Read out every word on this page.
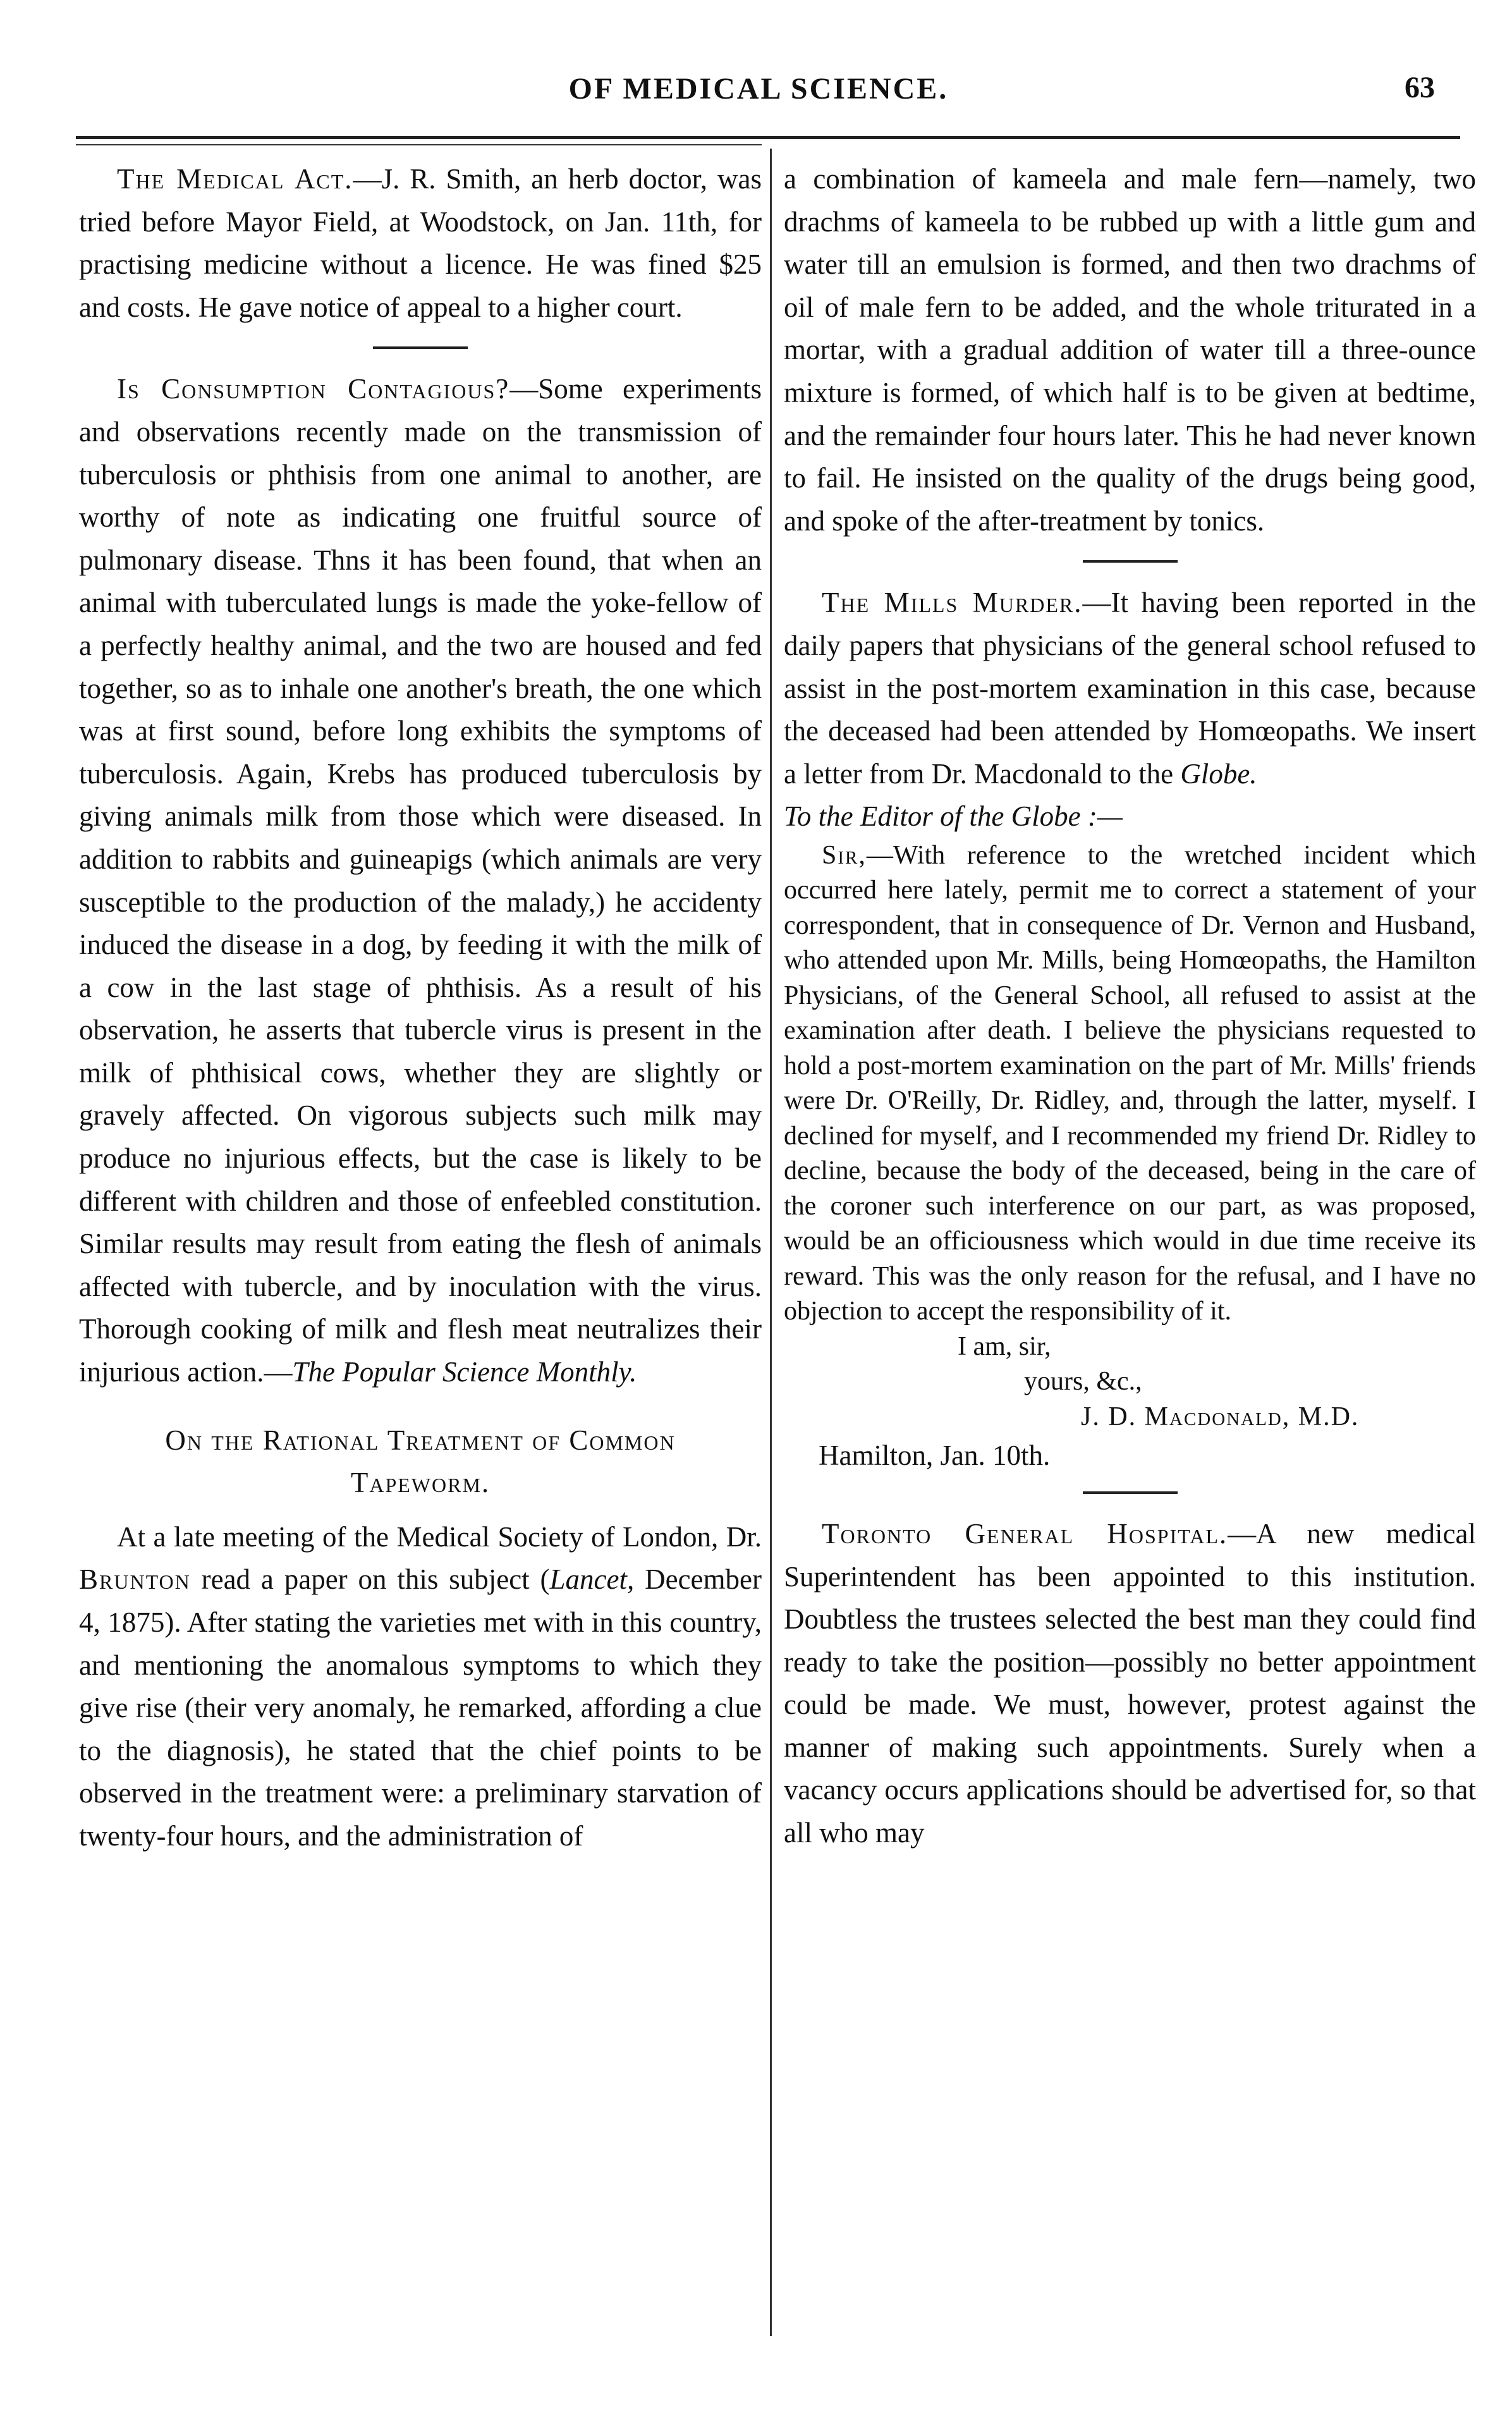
OF MEDICAL SCIENCE.	63

The Medical Act.—J. R. Smith, an herb doctor, was tried before Mayor Field, at Woodstock, on Jan. 11th, for practising medicine without a licence. He was fined $25 and costs. He gave notice of appeal to a higher court.

Is Consumption Contagious?—Some experiments and observations recently made on the transmission of tuberculosis or phthisis from one animal to another, are worthy of note as indicating one fruitful source of pulmonary disease. Thns it has been found, that when an animal with tuberculated lungs is made the yoke-fellow of a perfectly healthy animal, and the two are housed and fed together, so as to inhale one another's breath, the one which was at first sound, before long exhibits the symptoms of tuberculosis. Again, Krebs has produced tuberculosis by giving animals milk from those which were diseased. In addition to rabbits and guineapigs (which animals are very susceptible to the production of the malady,) he accidenty induced the disease in a dog, by feeding it with the milk of a cow in the last stage of phthisis. As a result of his observation, he asserts that tubercle virus is present in the milk of phthisical cows, whether they are slightly or gravely affected. On vigorous subjects such milk may produce no injurious effects, but the case is likely to be different with children and those of enfeebled constitution. Similar results may result from eating the flesh of animals affected with tubercle, and by inoculation with the virus. Thorough cooking of milk and flesh meat neutralizes their injurious action.—The Popular Science Monthly.

On the Rational Treatment of Common

Tapeworm.

At a late meeting of the Medical Society of London, Dr. Brunton read a paper on this subject (Lancet, December 4, 1875). After stating the varieties met with in this country, and mentioning the anomalous symptoms to which they give rise (their very anomaly, he remarked, affording a clue to the diagnosis), he stated that the chief points to be observed in the treatment were: a preliminary starvation of twenty-four hours, and the administration of

a combination of kameela and male fern—namely, two drachms of kameela to be rubbed up with a little gum and water till an emulsion is formed, and then two drachms of oil of male fern to be added, and the whole triturated in a mortar, with a gradual addition of water till a three-ounce mixture is formed, of which half is to be given at bedtime, and the remainder four hours later. This he had never known to fail. He insisted on the quality of the drugs being good, and spoke of the after-treatment by tonics.

The Mills Murder.—It having been reported in the daily papers that physicians of the general school refused to assist in the post-mortem examination in this case, because the deceased had been attended by Homœopaths. We insert a letter from Dr. Macdonald to the Globe.

To the Editor of the Globe :—

Sir,—With reference to the wretched incident which occurred here lately, permit me to correct a statement of your correspondent, that in consequence of Dr. Vernon and Husband, who attended upon Mr. Mills, being Homœopaths, the Hamilton Physicians, of the General School, all refused to assist at the examination after death. I believe the physicians requested to hold a post-mortem examination on the part of Mr. Mills' friends were Dr. O'Reilly, Dr. Ridley, and, through the latter, myself. I declined for myself, and I recommended my friend Dr. Ridley to decline, because the body of the deceased, being in the care of the coroner such interference on our part, as was proposed, would be an officiousness which would in due time receive its reward. This was the only reason for the refusal, and I have no objection to accept the responsibility of it.

I am, sir,

yours, &c.,

J. D. Macdonald, M.D.

Hamilton, Jan. 10th.

Toronto General Hospital.—A new medical Superintendent has been appointed to this institution. Doubtless the trustees selected the best man they could find ready to take the position—possibly no better appointment could be made. We must, however, protest against the manner of making such appointments. Surely when a vacancy occurs applications should be advertised for, so that all who may
